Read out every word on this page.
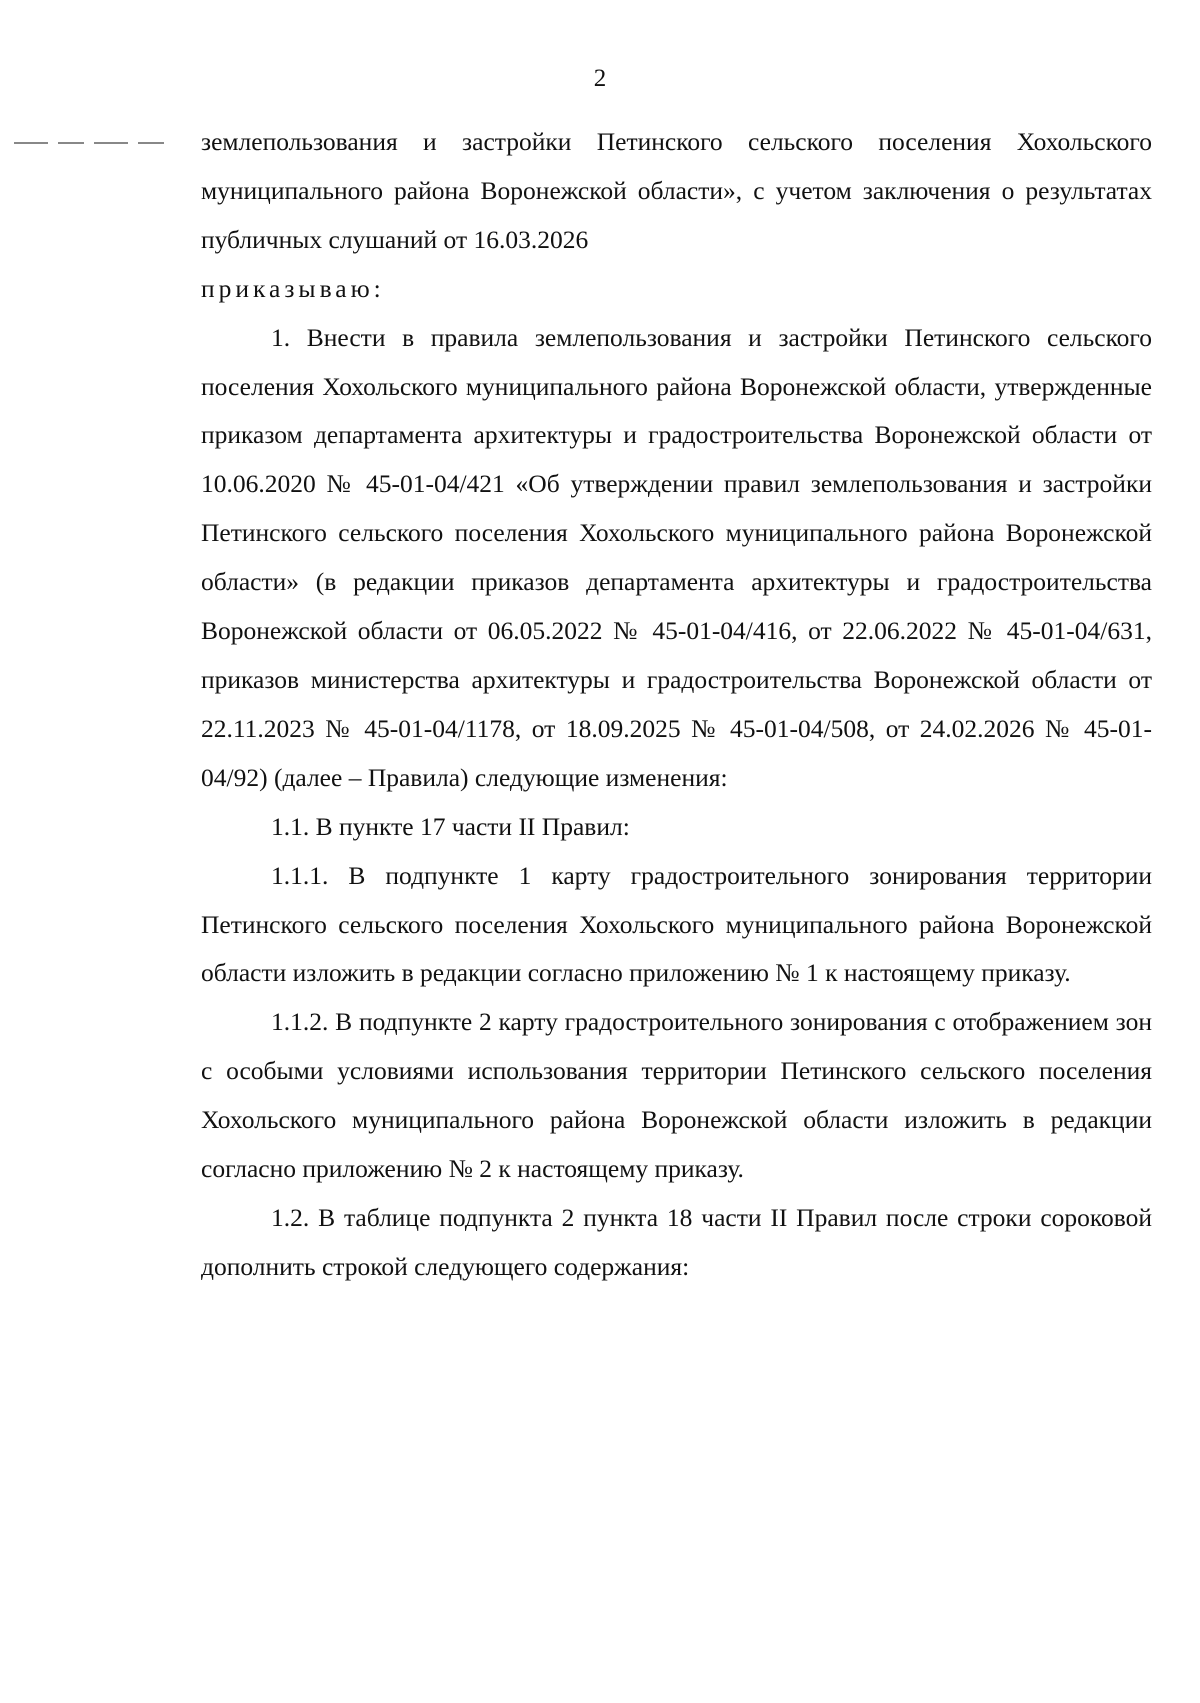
2

землепользования и застройки Петинского сельского поселения Хохольского муниципального района Воронежской области», с учетом заключения о результатах публичных слушаний от 16.03.2026

приказываю:

1. Внести в правила землепользования и застройки Петинского сельского поселения Хохольского муниципального района Воронежской области, утвержденные приказом департамента архитектуры и градостроительства Воронежской области от 10.06.2020 № 45-01-04/421 «Об утверждении правил землепользования и застройки Петинского сельского поселения Хохольского муниципального района Воронежской области» (в редакции приказов департамента архитектуры и градостроительства Воронежской области от 06.05.2022 № 45-01-04/416, от 22.06.2022 № 45-01-04/631, приказов министерства архитектуры и градостроительства Воронежской области от 22.11.2023 № 45-01-04/1178, от 18.09.2025 № 45-01-04/508, от 24.02.2026 № 45-01-04/92) (далее – Правила) следующие изменения:

1.1. В пункте 17 части II Правил:

1.1.1. В подпункте 1 карту градостроительного зонирования территории Петинского сельского поселения Хохольского муниципального района Воронежской области изложить в редакции согласно приложению № 1 к настоящему приказу.

1.1.2. В подпункте 2 карту градостроительного зонирования с отображением зон с особыми условиями использования территории Петинского сельского поселения Хохольского муниципального района Воронежской области изложить в редакции согласно приложению № 2 к настоящему приказу.

1.2. В таблице подпункта 2 пункта 18 части II Правил после строки сороковой дополнить строкой следующего содержания:
